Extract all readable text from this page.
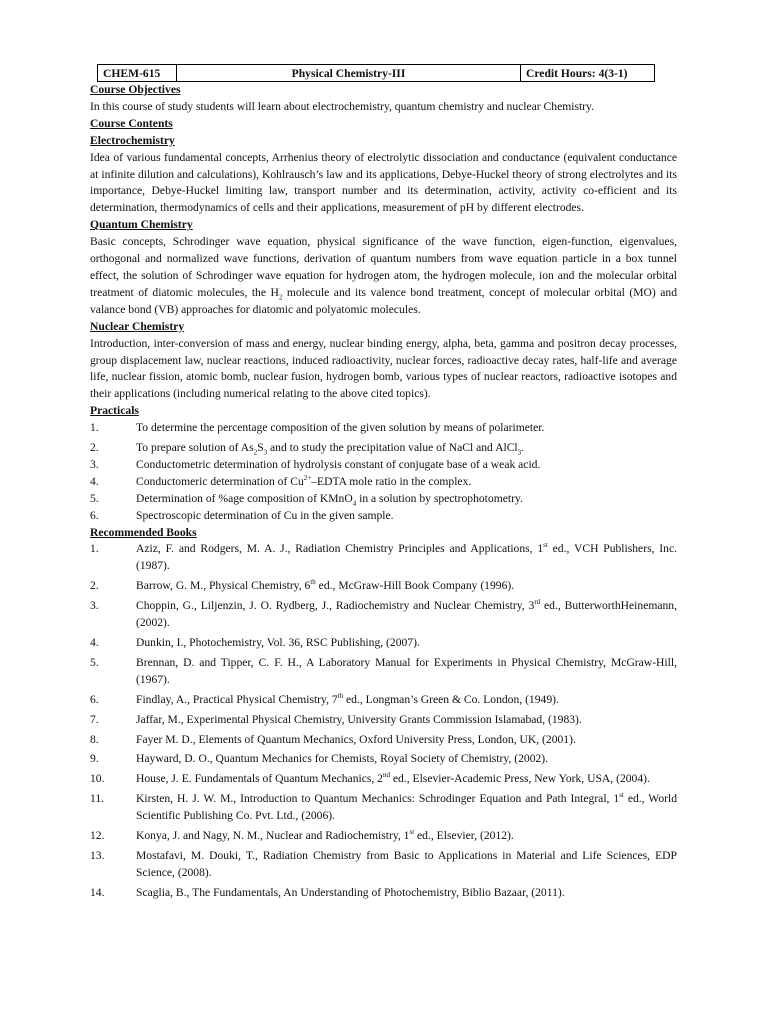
CHEM-615	Physical Chemistry-III	Credit Hours: 4(3-1)
Course Objectives
In this course of study students will learn about electrochemistry, quantum chemistry and nuclear Chemistry.
Course Contents
Electrochemistry
Idea of various fundamental concepts, Arrhenius theory of electrolytic dissociation and conductance (equivalent conductance at infinite dilution and calculations), Kohlrausch’s law and its applications, Debye-Huckel theory of strong electrolytes and its importance, Debye-Huckel limiting law, transport number and its determination, activity, activity co-efficient and its determination, thermodynamics of cells and their applications, measurement of pH by different electrodes.
Quantum Chemistry
Basic concepts, Schrodinger wave equation, physical significance of the wave function, eigen-function, eigenvalues, orthogonal and normalized wave functions, derivation of quantum numbers from wave equation particle in a box tunnel effect, the solution of Schrodinger wave equation for hydrogen atom, the hydrogen molecule, ion and the molecular orbital treatment of diatomic molecules, the $H_2$ molecule and its valence bond treatment, concept of molecular orbital (MO) and valance bond (VB) approaches for diatomic and polyatomic molecules.
Nuclear Chemistry
Introduction, inter-conversion of mass and energy, nuclear binding energy, alpha, beta, gamma and positron decay processes, group displacement law, nuclear reactions, induced radioactivity, nuclear forces, radioactive decay rates, half-life and average life, nuclear fission, atomic bomb, nuclear fusion, hydrogen bomb, various types of nuclear reactors, radioactive isotopes and their applications (including numerical relating to the above cited topics).
Practicals
1.	To determine the percentage composition of the given solution by means of polarimeter.
2.	To prepare solution of $As_2S_3$ and to study the precipitation value of NaCl and AlCl$_3$.
3.	Conductometric determination of hydrolysis constant of conjugate base of a weak acid.
4.	Conductomeric determination of $Cu^{2+}$–EDTA mole ratio in the complex.
5.	Determination of %age composition of KMnO$_4$ in a solution by spectrophotometry.
6.	Spectroscopic determination of Cu in the given sample.
Recommended Books
1.	Aziz, F. and Rodgers, M. A. J., Radiation Chemistry Principles and Applications, 1st ed., VCH Publishers, Inc. (1987).
2.	Barrow, G. M., Physical Chemistry, 6th ed., McGraw-Hill Book Company (1996).
3.	Choppin, G., Liljenzin, J. O. Rydberg, J., Radiochemistry and Nuclear Chemistry, 3rd ed., ButterworthHeinemann, (2002).
4.	Dunkin, I., Photochemistry, Vol. 36, RSC Publishing, (2007).
5.	Brennan, D. and Tipper, C. F. H., A Laboratory Manual for Experiments in Physical Chemistry, McGraw-Hill, (1967).
6.	Findlay, A., Practical Physical Chemistry, 7th ed., Longman’s Green & Co. London, (1949).
7.	Jaffar, M., Experimental Physical Chemistry, University Grants Commission Islamabad, (1983).
8.	Fayer M. D., Elements of Quantum Mechanics, Oxford University Press, London, UK, (2001).
9.	Hayward, D. O., Quantum Mechanics for Chemists, Royal Society of Chemistry, (2002).
10.	House, J. E. Fundamentals of Quantum Mechanics, 2nd ed., Elsevier-Academic Press, New York, USA, (2004).
11.	Kirsten, H. J. W. M., Introduction to Quantum Mechanics: Schrodinger Equation and Path Integral, 1st ed., World Scientific Publishing Co. Pvt. Ltd., (2006).
12.	Konya, J. and Nagy, N. M., Nuclear and Radiochemistry, 1st ed., Elsevier, (2012).
13.	Mostafavi, M. Douki, T., Radiation Chemistry from Basic to Applications in Material and Life Sciences, EDP Science, (2008).
14.	Scaglia, B., The Fundamentals, An Understanding of Photochemistry, Biblio Bazaar, (2011).
